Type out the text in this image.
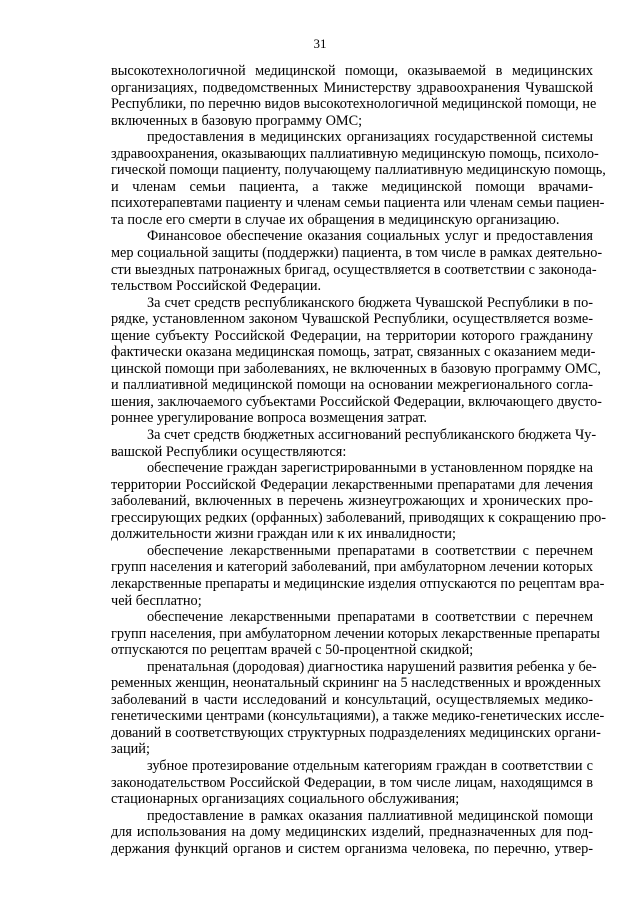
31
высокотехнологичной медицинской помощи, оказываемой в медицинских
организациях, подведомственных Министерству здравоохранения Чувашской
Республики, по перечню видов высокотехнологичной медицинской помощи, не
включенных в базовую программу ОМС;
предоставления в медицинских организациях государственной системы
здравоохранения, оказывающих паллиативную медицинскую помощь, психоло-
гической помощи пациенту, получающему паллиативную медицинскую помощь,
и членам семьи пациента, а также медицинской помощи врачами-
психотерапевтами пациенту и членам семьи пациента или членам семьи пациен-
та после его смерти в случае их обращения в медицинскую организацию.
Финансовое обеспечение оказания социальных услуг и предоставления
мер социальной защиты (поддержки) пациента, в том числе в рамках деятельно-
сти выездных патронажных бригад, осуществляется в соответствии с законода-
тельством Российской Федерации.
За счет средств республиканского бюджета Чувашской Республики в по-
рядке, установленном законом Чувашской Республики, осуществляется возме-
щение субъекту Российской Федерации, на территории которого гражданину
фактически оказана медицинская помощь, затрат, связанных с оказанием меди-
цинской помощи при заболеваниях, не включенных в базовую программу ОМС,
и паллиативной медицинской помощи на основании межрегионального согла-
шения, заключаемого субъектами Российской Федерации, включающего двусто-
роннее урегулирование вопроса возмещения затрат.
За счет средств бюджетных ассигнований республиканского бюджета Чу-
вашской Республики осуществляются:
обеспечение граждан зарегистрированными в установленном порядке на
территории Российской Федерации лекарственными препаратами для лечения
заболеваний, включенных в перечень жизнеугрожающих и хронических про-
грессирующих редких (орфанных) заболеваний, приводящих к сокращению про-
должительности жизни граждан или к их инвалидности;
обеспечение лекарственными препаратами в соответствии с перечнем
групп населения и категорий заболеваний, при амбулаторном лечении которых
лекарственные препараты и медицинские изделия отпускаются по рецептам вра-
чей бесплатно;
обеспечение лекарственными препаратами в соответствии с перечнем
групп населения, при амбулаторном лечении которых лекарственные препараты
отпускаются по рецептам врачей с 50-процентной скидкой;
пренатальная (дородовая) диагностика нарушений развития ребенка у бе-
ременных женщин, неонатальный скрининг на 5 наследственных и врожденных
заболеваний в части исследований и консультаций, осуществляемых медико-
генетическими центрами (консультациями), а также медико-генетических иссле-
дований в соответствующих структурных подразделениях медицинских органи-
заций;
зубное протезирование отдельным категориям граждан в соответствии с
законодательством Российской Федерации, в том числе лицам, находящимся в
стационарных организациях социального обслуживания;
предоставление в рамках оказания паллиативной медицинской помощи
для использования на дому медицинских изделий, предназначенных для под-
держания функций органов и систем организма человека, по перечню, утвер-
